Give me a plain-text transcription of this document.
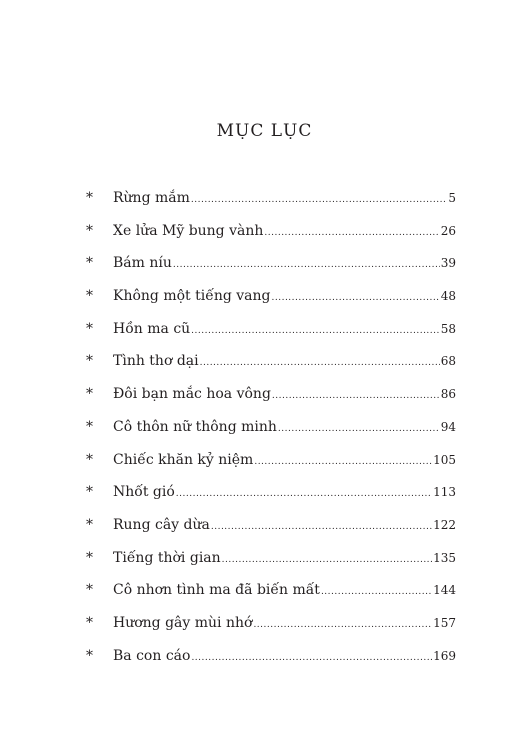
MỤC LỤC
*	Rừng mắm .....	5
*	Xe lửa Mỹ bung vành .....	26
*	Bám níu .....	39
*	Không một tiếng vang .....	48
*	Hồn ma cũ .....	58
*	Tình thơ dại .....	68
*	Đôi bạn mắc hoa vông .....	86
*	Cô thôn nữ thông minh .....	94
*	Chiếc khăn kỷ niệm .....	105
*	Nhốt gió .....	113
*	Rung cây dừa .....	122
*	Tiếng thời gian .....	135
*	Cô nhơn tình ma đã biến mất .....	144
*	Hương gây mùi nhớ .....	157
*	Ba con cáo .....	169
